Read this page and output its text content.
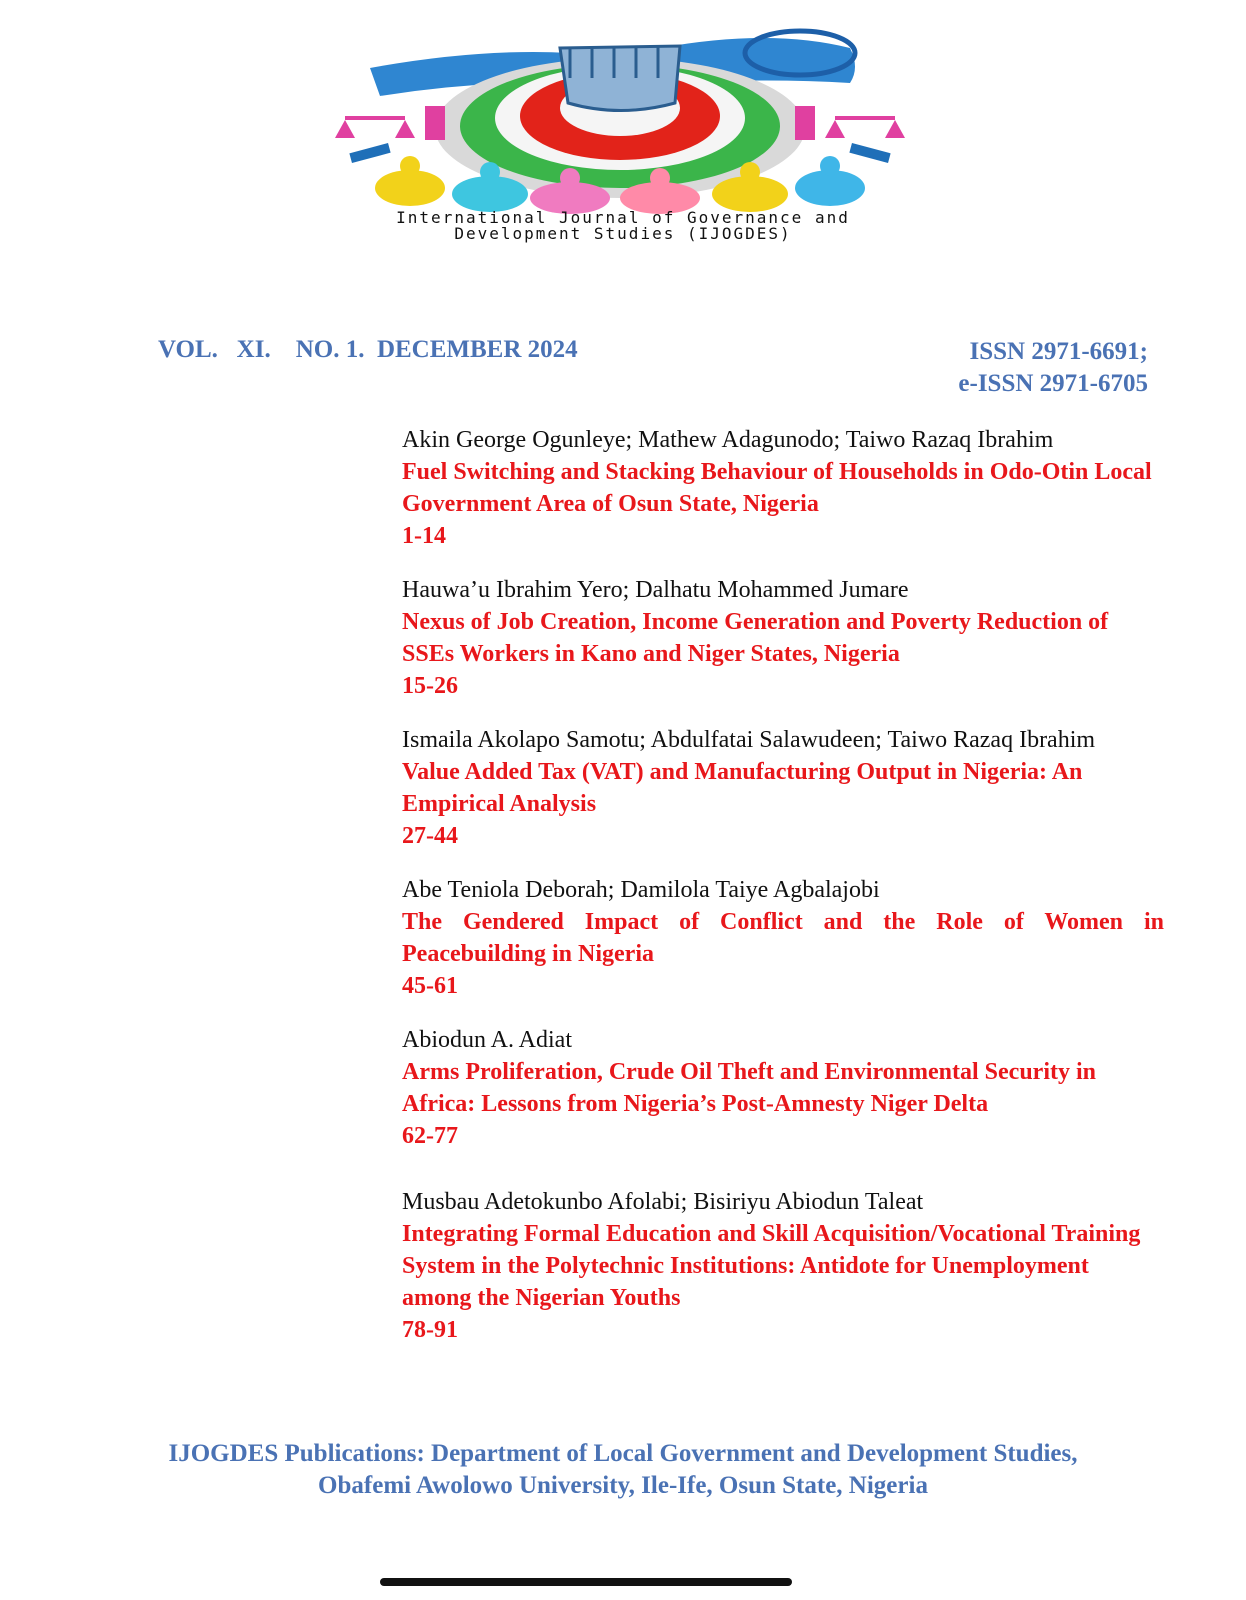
International Journal of Governance and
Development Studies (IJOGDES)
VOL.   XI.    NO. 1.  DECEMBER 2024	ISSN 2971-6691;
e-ISSN 2971-6705
Akin George Ogunleye; Mathew Adagunodo; Taiwo Razaq Ibrahim
Fuel Switching and Stacking Behaviour of Households in Odo-Otin Local Government Area of Osun State, Nigeria
1-14
Hauwa’u Ibrahim Yero; Dalhatu Mohammed Jumare
Nexus of Job Creation, Income Generation and Poverty Reduction of SSEs Workers in Kano and Niger States, Nigeria
15-26
Ismaila Akolapo Samotu; Abdulfatai Salawudeen; Taiwo Razaq Ibrahim
Value Added Tax (VAT) and Manufacturing Output in Nigeria: An Empirical Analysis
27-44
Abe Teniola Deborah; Damilola Taiye Agbalajobi
The Gendered Impact of Conflict and the Role of Women in Peacebuilding in Nigeria
45-61
Abiodun A. Adiat
Arms Proliferation, Crude Oil Theft and Environmental Security in Africa: Lessons from Nigeria’s Post-Amnesty Niger Delta
62-77
Musbau Adetokunbo Afolabi; Bisiriyu Abiodun Taleat
Integrating Formal Education and Skill Acquisition/Vocational Training System in the Polytechnic Institutions: Antidote for Unemployment among the Nigerian Youths
78-91
IJOGDES Publications: Department of Local Government and Development Studies,
Obafemi Awolowo University, Ile-Ife, Osun State, Nigeria
